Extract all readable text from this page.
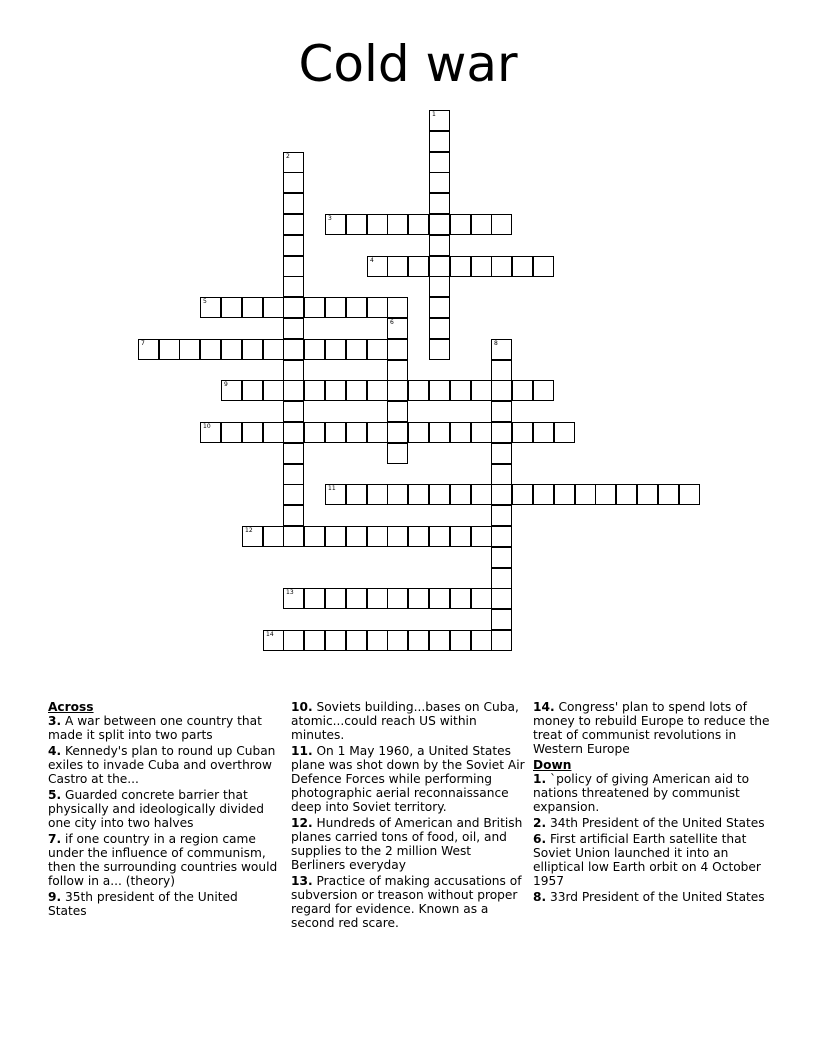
Cold war
1
2
3
4
5
6
7	8
9
10
11
12
13
14
Across
3. A war between one country that made it split into two parts
4. Kennedy's plan to round up Cuban exiles to invade Cuba and overthrow Castro at the...
5. Guarded concrete barrier that physically and ideologically divided one city into two halves
7. if one country in a region came under the influence of communism, then the surrounding countries would follow in a... (theory)
9. 35th president of the United States
10. Soviets building...bases on Cuba, atomic...could reach US within minutes.
11. On 1 May 1960, a United States plane was shot down by the Soviet Air Defence Forces while performing photographic aerial reconnaissance deep into Soviet territory.
12. Hundreds of American and British planes carried tons of food, oil, and supplies to the 2 million West Berliners everyday
13. Practice of making accusations of subversion or treason without proper regard for evidence. Known as a second red scare.
14. Congress' plan to spend lots of money to rebuild Europe to reduce the treat of communist revolutions in Western Europe
Down
1. `policy of giving American aid to nations threatened by communist expansion.
2. 34th President of the United States
6. First artificial Earth satellite that Soviet Union launched it into an elliptical low Earth orbit on 4 October 1957
8. 33rd President of the United States
